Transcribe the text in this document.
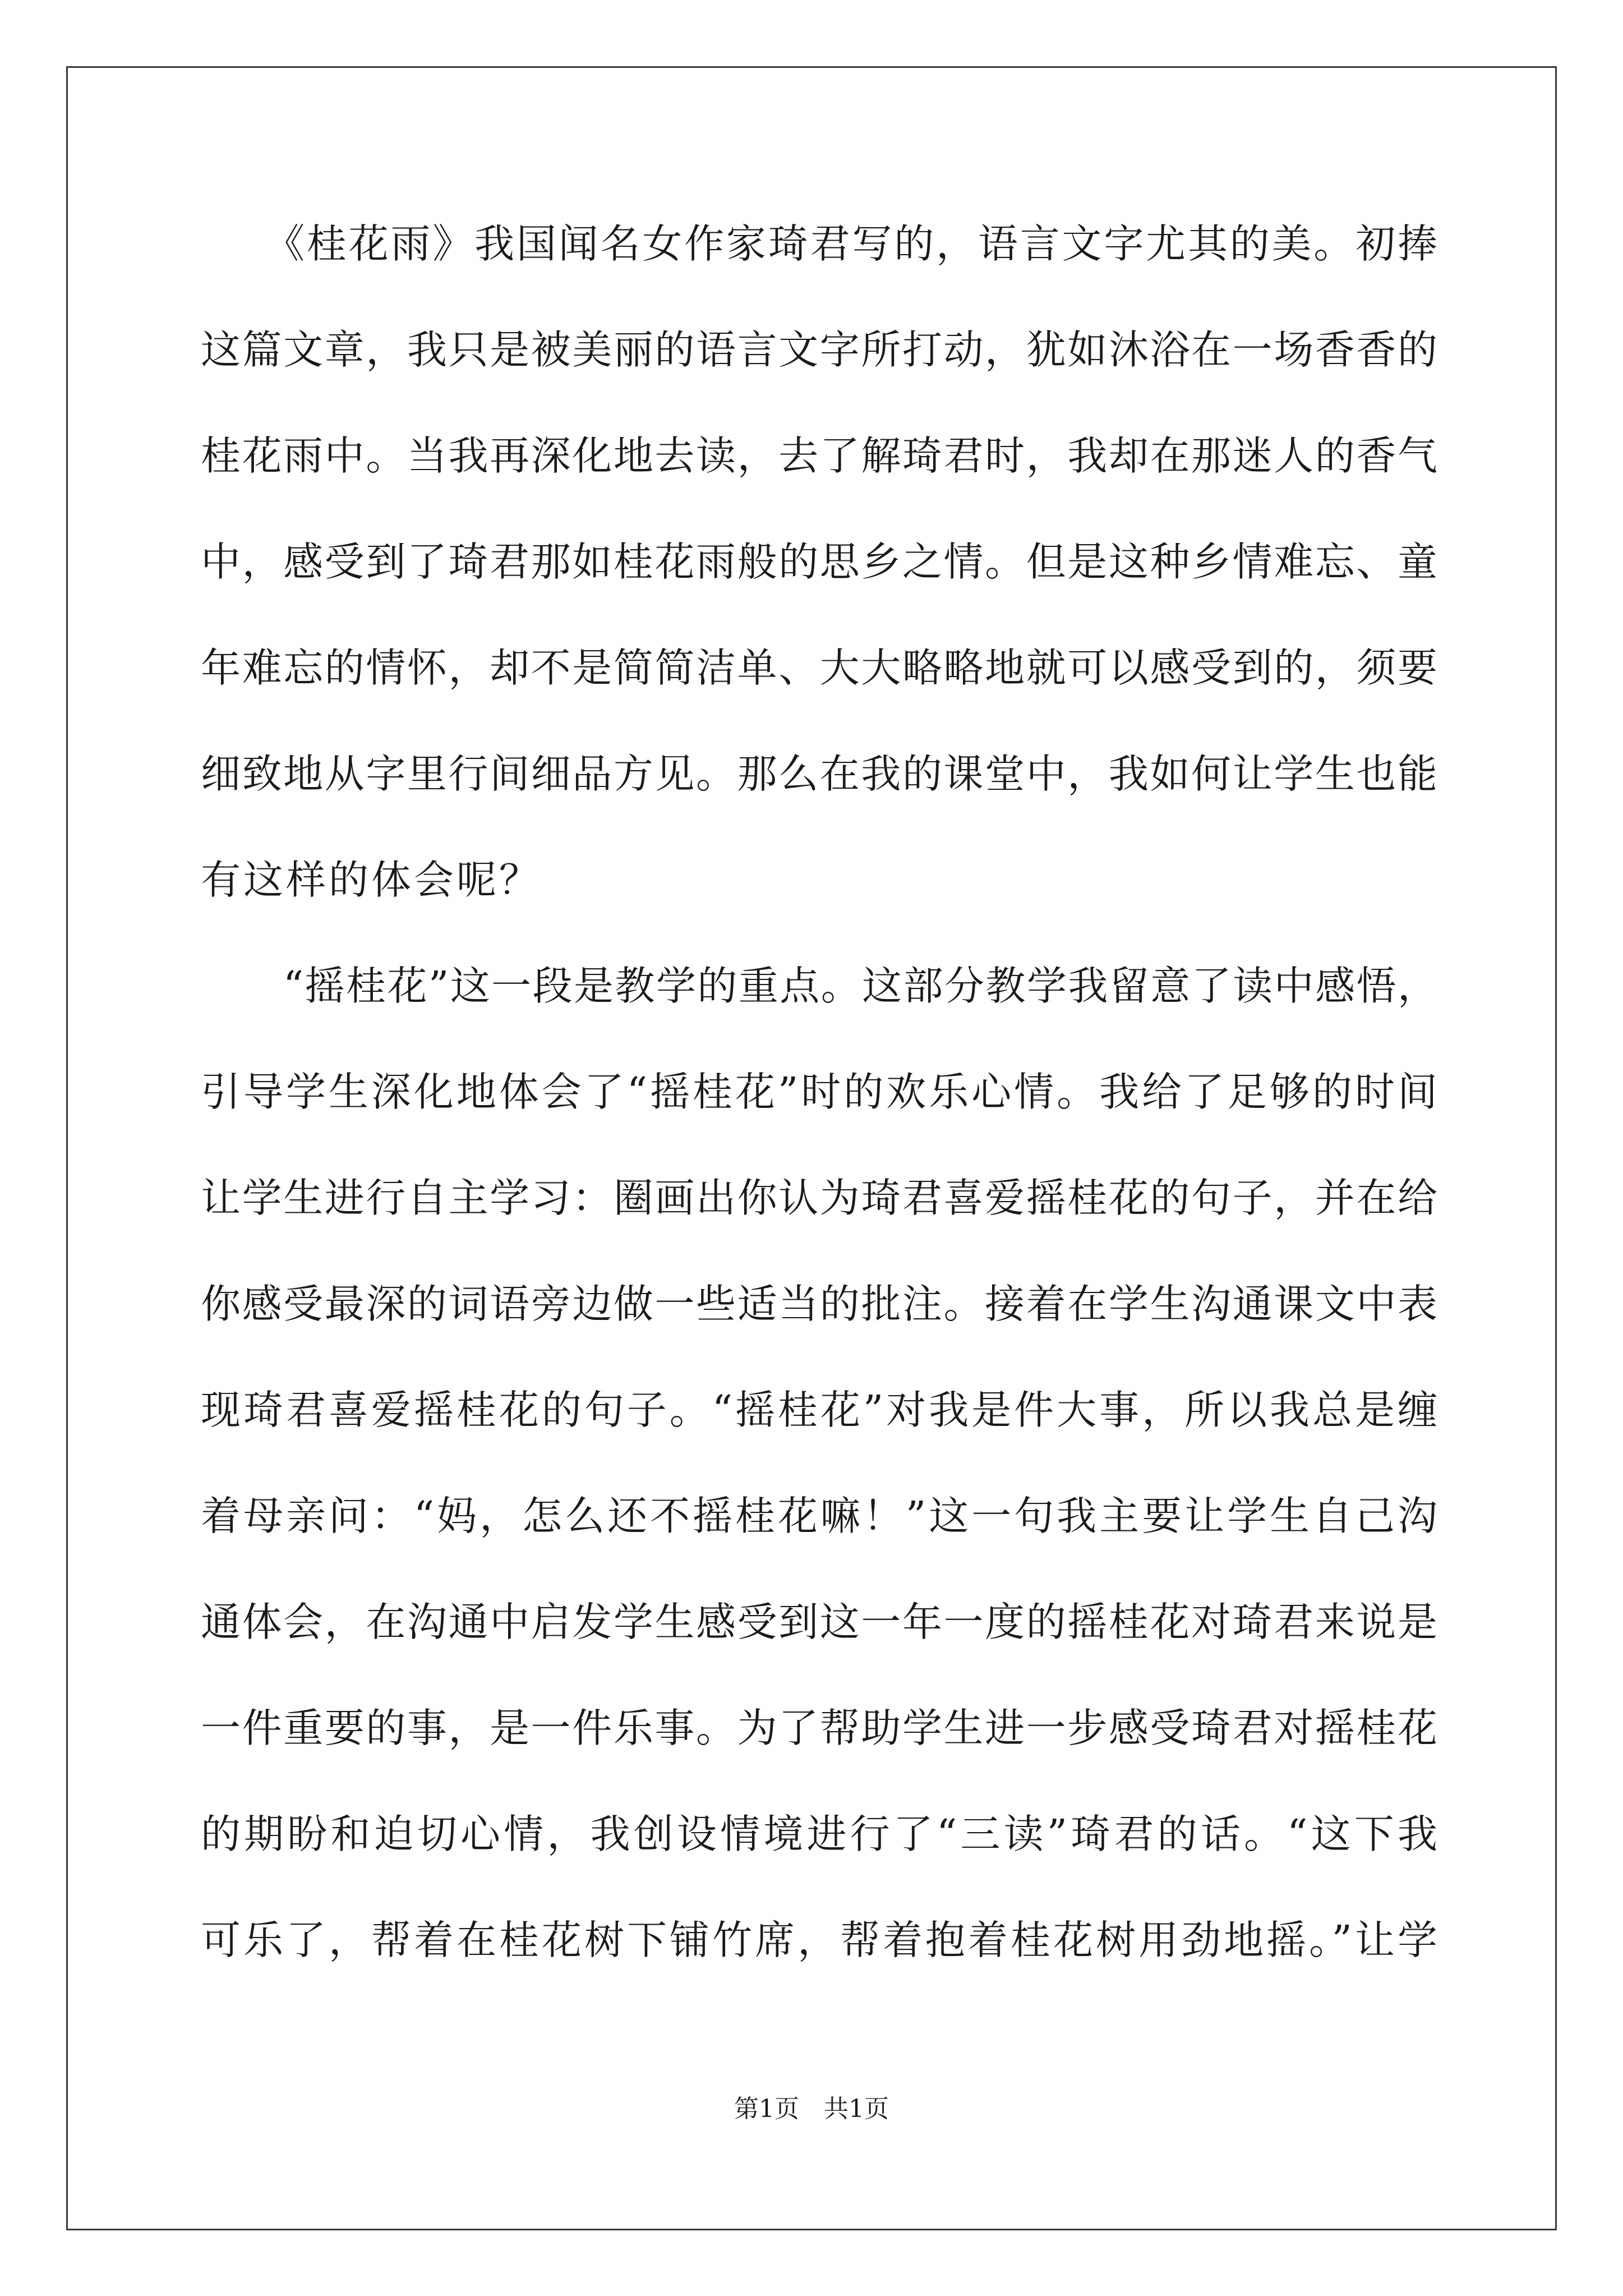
　　《桂花雨》我国闻名女作家琦君写的，语言文字尤其的美。初捧
这篇文章，我只是被美丽的语言文字所打动，犹如沐浴在一场香香的
桂花雨中。当我再深化地去读，去了解琦君时，我却在那迷人的香气
中，感受到了琦君那如桂花雨般的思乡之情。但是这种乡情难忘、童
年难忘的情怀，却不是简简洁单、大大略略地就可以感受到的，须要
细致地从字里行间细品方见。那么在我的课堂中，我如何让学生也能
有这样的体会呢？
　　“摇桂花”这一段是教学的重点。这部分教学我留意了读中感悟，
引导学生深化地体会了“摇桂花”时的欢乐心情。我给了足够的时间
让学生进行自主学习：圈画出你认为琦君喜爱摇桂花的句子，并在给
你感受最深的词语旁边做一些适当的批注。接着在学生沟通课文中表
现琦君喜爱摇桂花的句子。“摇桂花”对我是件大事，所以我总是缠
着母亲问：“妈，怎么还不摇桂花嘛！”这一句我主要让学生自己沟
通体会，在沟通中启发学生感受到这一年一度的摇桂花对琦君来说是
一件重要的事，是一件乐事。为了帮助学生进一步感受琦君对摇桂花
的期盼和迫切心情，我创设情境进行了“三读”琦君的话。“这下我
可乐了，帮着在桂花树下铺竹席，帮着抱着桂花树用劲地摇。”让学
第1页　共1页
